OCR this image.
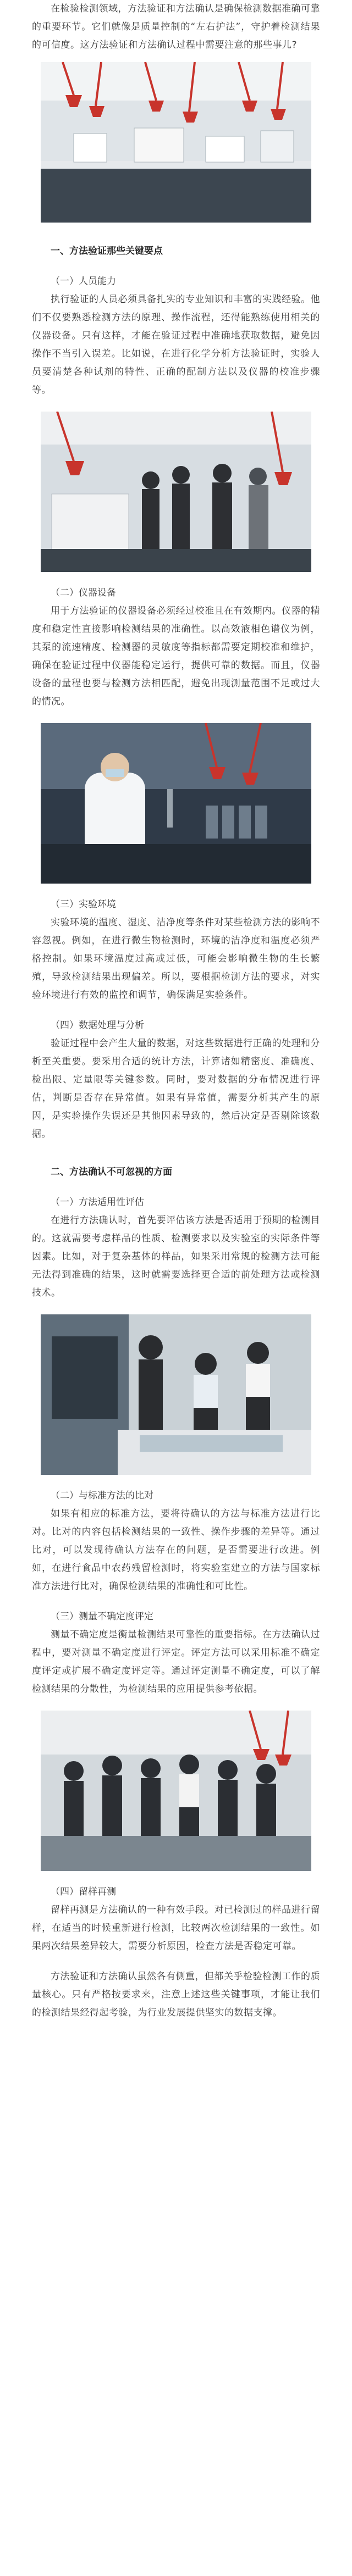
在检验检测领域，方法验证和方法确认是确保检测数据准确可靠的重要环节。它们就像是质量控制的“左右护法”，守护着检测结果的可信度。这方法验证和方法确认过程中需要注意的那些事儿?

一、方法验证那些关键要点

（一）人员能力

执行验证的人员必须具备扎实的专业知识和丰富的实践经验。他们不仅要熟悉检测方法的原理、操作流程，还得能熟练使用相关的仪器设备。只有这样，才能在验证过程中准确地获取数据，避免因操作不当引入误差。比如说，在进行化学分析方法验证时，实验人员要清楚各种试剂的特性、正确的配制方法以及仪器的校准步骤等。

（二）仪器设备

用于方法验证的仪器设备必须经过校准且在有效期内。仪器的精度和稳定性直接影响检测结果的准确性。以高效液相色谱仪为例，其泵的流速精度、检测器的灵敏度等指标都需要定期校准和维护，确保在验证过程中仪器能稳定运行，提供可靠的数据。而且，仪器设备的量程也要与检测方法相匹配，避免出现测量范围不足或过大的情况。

（三）实验环境

实验环境的温度、湿度、洁净度等条件对某些检测方法的影响不容忽视。例如，在进行微生物检测时，环境的洁净度和温度必须严格控制。如果环境温度过高或过低，可能会影响微生物的生长繁殖，导致检测结果出现偏差。所以，要根据检测方法的要求，对实验环境进行有效的监控和调节，确保满足实验条件。

（四）数据处理与分析

验证过程中会产生大量的数据，对这些数据进行正确的处理和分析至关重要。要采用合适的统计方法，计算诸如精密度、准确度、检出限、定量限等关键参数。同时，要对数据的分布情况进行评估，判断是否存在异常值。如果有异常值，需要分析其产生的原因，是实验操作失误还是其他因素导致的，然后决定是否剔除该数据。

二、方法确认不可忽视的方面

（一）方法适用性评估

在进行方法确认时，首先要评估该方法是否适用于预期的检测目的。这就需要考虑样品的性质、检测要求以及实验室的实际条件等因素。比如，对于复杂基体的样品，如果采用常规的检测方法可能无法得到准确的结果，这时就需要选择更合适的前处理方法或检测技术。

（二）与标准方法的比对

如果有相应的标准方法，要将待确认的方法与标准方法进行比对。比对的内容包括检测结果的一致性、操作步骤的差异等。通过比对，可以发现待确认方法存在的问题，是否需要进行改进。例如，在进行食品中农药残留检测时，将实验室建立的方法与国家标准方法进行比对，确保检测结果的准确性和可比性。

（三）测量不确定度评定

测量不确定度是衡量检测结果可靠性的重要指标。在方法确认过程中，要对测量不确定度进行评定。评定方法可以采用标准不确定度评定或扩展不确定度评定等。通过评定测量不确定度，可以了解检测结果的分散性，为检测结果的应用提供参考依据。

（四）留样再测

留样再测是方法确认的一种有效手段。对已检测过的样品进行留样，在适当的时候重新进行检测，比较两次检测结果的一致性。如果两次结果差异较大，需要分析原因，检查方法是否稳定可靠。

方法验证和方法确认虽然各有侧重，但都关乎检验检测工作的质量核心。只有严格按要求来，注意上述这些关键事项，才能让我们的检测结果经得起考验，为行业发展提供坚实的数据支撑。
